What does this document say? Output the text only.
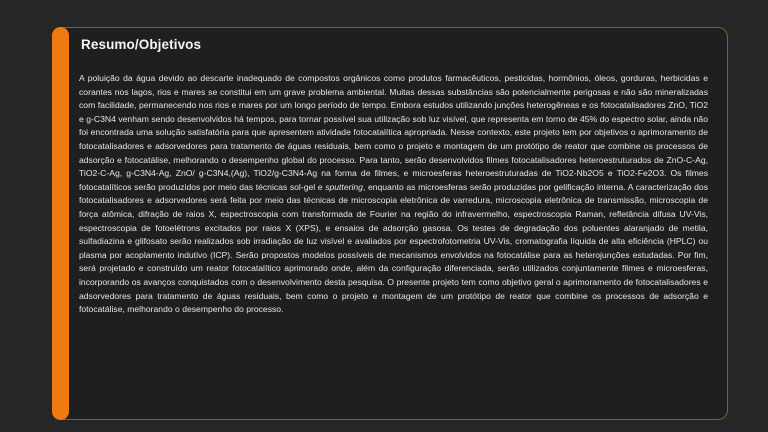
Resumo/Objetivos

A poluição da água devido ao descarte inadequado de compostos orgânicos como produtos farmacêuticos, pesticidas, hormônios, óleos, gorduras, herbicidas e corantes nos lagos, rios e mares se constitui em um grave problema ambiental. Muitas dessas substâncias são potencialmente perigosas e não são mineralizadas com facilidade, permanecendo nos rios e mares por um longo período de tempo. Embora estudos utilizando junções heterogêneas e os fotocatalisadores ZnO, TiO2 e g-C3N4 venham sendo desenvolvidos há tempos, para tornar possível sua utilização sob luz visível, que representa em torno de 45% do espectro solar, ainda não foi encontrada uma solução satisfatória para que apresentem atividade fotocatalítica apropriada. Nesse contexto, este projeto tem por objetivos o aprimoramento de fotocatalisadores e adsorvedores para tratamento de águas residuais, bem como o projeto e montagem de um protótipo de reator que combine os processos de adsorção e fotocatálise, melhorando o desempenho global do processo. Para tanto, serão desenvolvidos filmes fotocatalisadores heteroestruturados de ZnO-C-Ag, TiO2-C-Ag, g-C3N4-Ag, ZnO/ g-C3N4,(Ag), TiO2/g-C3N4-Ag na forma de filmes, e microesferas heteroestruturadas de TiO2-Nb2O5 e TiO2-Fe2O3. Os filmes fotocatalíticos serão produzidos por meio das técnicas sol-gel e sputtering, enquanto as microesferas serão produzidas por gelificação interna. A caracterização dos fotocatalisadores e adsorvedores será feita por meio das técnicas de microscopia eletrônica de varredura, microscopia eletrônica de transmissão, microscopia de força atômica, difração de raios X, espectroscopia com transformada de Fourier na região do infravermelho, espectroscopia Raman, refletância difusa UV-Vis, espectroscopia de fotoelétrons excitados por raios X (XPS), e ensaios de adsorção gasosa. Os testes de degradação dos poluentes alaranjado de metila, sulfadiazina e glifosato serão realizados sob irradiação de luz visível e avaliados por espectrofotometria UV-Vis, cromatografia líquida de alta eficiência (HPLC) ou plasma por acoplamento indutivo (ICP). Serão propostos modelos possíveis de mecanismos envolvidos na fotocatálise para as heterojunções estudadas. Por fim, será projetado e construído um reator fotocatalítico aprimorado onde, além da configuração diferenciada, serão utilizados conjuntamente filmes e microesferas, incorporando os avanços conquistados com o desenvolvimento desta pesquisa. O presente projeto tem como objetivo geral o aprimoramento de fotocatalisadores e adsorvedores para tratamento de águas residuais, bem como o projeto e montagem de um protótipo de reator que combine os processos de adsorção e fotocatálise, melhorando o desempenho do processo.
